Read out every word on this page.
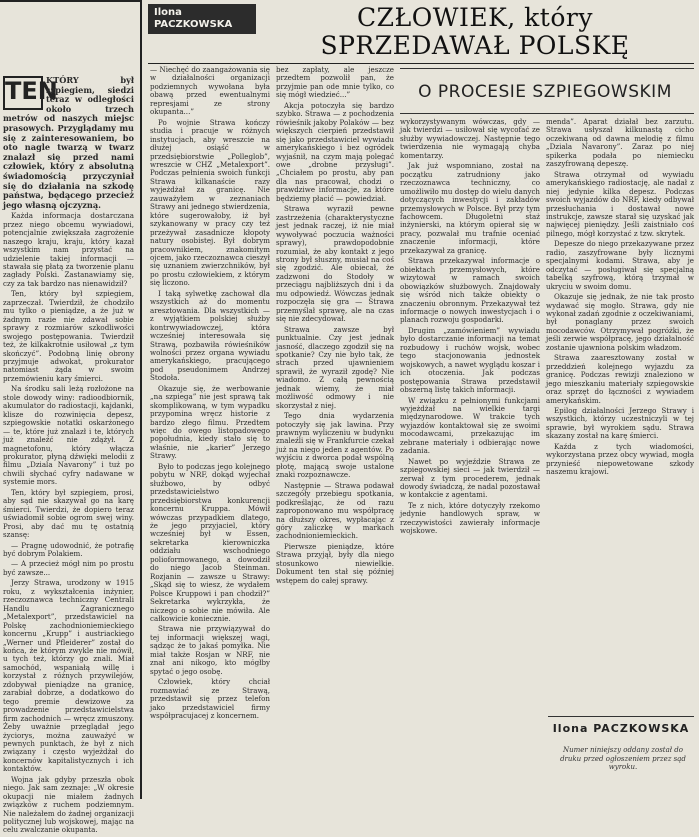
Ilona
PACZKOWSKA	CZŁOWIEK, który
SPRZEDAWAŁ POLSKĘ
TEN

KTÓRY był szpiegiem, siedzi teraz w odległości około trzech metrów od naszych miejsc prasowych. Przyglądamy mu się z zainteresowaniem, bo oto nagle twarzą w twarz znalazł się przed nami człowiek, który z absolutną świadomością przyczyniał się do działania na szkodę państwa, będącego przecież jego własną ojczyzną.

Każda informacja dostarczana przez niego obcemu wywiadowi, potencjalnie zwiększała zagrożenie naszego kraju, kraju, który kazał wszystkim nam przystać na udzielenie takiej informacji — stawała się płatą za tworzenie planu zagłady Polski. Zastanawiamy się, czy za tak bardzo nas nienawidził?

Ten, który był szpiegiem, zaprzeczał. Twierdził, że chodziło mu tylko o pieniądze, a że już w żadnym razie nie zdawał sobie sprawy z rozmiarów szkodliwości swojego postępowania. Twierdził też, że kilkakrotnie usiłował „z tym skończyć”. Podobną linię obrony przyjmuje adwokat, prokurator natomiast żąda w swoim przemówieniu kary śmierci.

Na środku sali leżą rozłożone na stole dowody winy: radioodbiornik, akumulator do radiostacji, kajdanki, klisze do rozwinięcia depesz, szpiegowskie notatki oskarżonego — te, które już znalazł i te, których już znaleźć nie zdążył. Z magnetofonu, który włącza prokurator, płyną dźwięki melodii z filmu „Dziala Navarony” i tuż po chwili słychać cyfry nadawane w systemie mors.

Ten, który był szpiegiem, prosi, aby sąd nie skazywał go na karę śmierci. Twierdzi, że dopiero teraz uświadomił sobie ogrom swej winy. Prosi, aby dać mu tę ostatnią szansę:

— Pragnę udowodnić, że potrafię być dobrym Polakiem.

— A przecież mógł nim po prostu być zawsze...

Jerzy Strawa, urodzony w 1915 roku, z wykształcenia inżynier, rzeczoznawca techniczny Centrali Handlu Zagranicznego „Metalexport”, przedstawiciel na Polskę zachodnioniemieckiego koncernu „Krupp” i austriackiego „Werner und Pfleiderer” został do końca, że którym zwykle nie mówił, u tych też, którzy go znali. Miał samochód, wspaniałą willę i korzystał z różnych przywilejów, zdobywał pieniądze na granicę, zarabiał dobrze, a dodatkowo do tego premie dewizowe za prowadzenie przedstawicielstwa firm zachodnich — wręcz zmuszony. Żeby uważnie przeglądał jego życiorys, można zauważyć w pewnych punktach, że był z nich związany i często wyjeżdżał do koncernów kapitalistycznych i ich kontaktów.

Wojna jak gdyby przeszła obok niego. Jak sam zeznaje: „W okresie okupacji nie miałem żadnych związków z ruchem podziemnym. Nie należałem do żadnej organizacji politycznej lub wojskowej, mając na celu zwalczanie okupanta.

— Niechęć do zaangażowania się w działalności organizacji podziemnych wywołana była obawą przed ewentualnymi represjami ze strony okupanta...”

Po wojnie Strawa kończy studia i pracuje w różnych instytucjach, aby wreszcie na dłużej osiąść w przedsiębiorstwie „Polleglob”, wreszcie w CHZ „Metalexport”. Podczas pełnienia swoich funkcji Strawa kilkanaście razy wyjeżdżał za granicę. Nie zauważyłem w zeznaniach Strawy ani jednego stwierdzenia, które sugerowałoby, iż był szykanowany w pracy czy też przeżywał zasadnicze kłopoty natury osobistej. Był dobrym pracownikiem, znakomitym ojcem, jako rzeczoznawca cieszył się uznaniem zwierzchników, był po prostu człowiekiem, z którym się liczono.

I taką sylwetkę zachował dla wszystkich aż do momentu aresztowania. Dla wszystkich — z wyjątkiem polskiej służby kontrwywiadowczej, która wcześniej interesowała się Strawą, pozbawiła rówieśników wolności przez organa wywiadu amerykańskiego, pracującego pod pseudonimem Andrzej Stodoła.

Okazuje się, że werbowanie „na szpiega” nie jest sprawą tak skomplikowaną, w tym wypadku przypomina wręcz historie z bardzo złego filmu. Przedtem więc do owego listopadowego popołudnia, kiedy stało się to właśnie, nie „karier” Jerzego Strawy.

Było to podczas jego kolejnego pobytu w NRF, dokąd wyjechał służbowo, by odbyć przedstawicielstwo przedsiębiorstwa konkurencji koncernu Kruppa. Mówił wówczas przypadkiem dlatego, że jego przyjaciel, który wcześniej był w Essen, sekretarka kierowniczka oddziału wschodniego polioformowanego, a dowodził do niego Jacob Steinman. Rozjanin — zawsze u Strawy: „Skąd się to wiesz, że wydałem Polsce Kruppowi i pan chodził?” Sekretarka wykrzykła, że niczego o sobie nie mówiła. Ale całkowicie koniecznie.

Strawa nie przywiązywał do tej informacji większej wagi, sądząc że to jakaś pomyłka. Nie miał także Rosjan w NRF, nie znał ani nikogo, kto mógłby spytać o jego osobę.

Człowiek, który chciał rozmawiać ze Strawą, przedstawił się przez telefon jako przedstawiciel firmy współpracujacej z koncernem.

bez zapłaty, ale jeszcze przedtem pozwolił pan, że przyjmie pan ode mnie tylko, co się mógł wiedzieć...”

Akcja potoczyła się bardzo szybko. Strawa — z pochodzenia rówieśnik jakoby Polaków — bez większych cierpień przedstawił się jako przedstawiciel wywiadu amerykańskiego i bez ogródek wyjaśnił, na czym mają polegać owe „drobne przysługi”. „Chciałem po prostu, aby pan dla nas pracował, chodzi o prawdziwe informacje, za które będziemy płacić — powiedział.

Strawa wyraził pewne zastrzeżenia (charakterystyczne jest jednak raczej, iż nie miał wywoływać poczucia ważności sprawy), prawdopodobnie rozumiał, że aby kontakt z jego strony był słuszny, musiał na coś się zgodzić. Ale obiecał, że zadzwoni do Stodoły w przeciągu najbliższych dni i da mu odpowiedź. Wówczas jednak rozpoczęła się gra — Strawa przemyślał sprawę, ale na czas się nie zdecydował.

Strawa zawsze był punktualnie. Czy jest jednak jasność, dlaczego zgodził się na spotkanie? Czy nie było tak, że strach przed ujawnieniem sprawił, że wyraził zgodę? Nie wiadomo. Z całą pewnością jednak wiemy, że miał możliwość odmowy i nie skorzystał z niej.

Tego dnia wydarzenia potoczyły się jak lawina. Przy prawnym wyliczeniu w budynku znaleźli się w Frankfurcie czekał już na niego jeden z agentów. Po wyjściu z dworca podał wspólną płotę, mającą swoje ustalone znaki rozpoznawcze.

Następnie — Strawa podawał szczegóły przebiegu spotkania, podkreślając, że od razu zaproponowano mu współpracę na dłuższy okres, wypłacając z góry zaliczkę w markach zachodnioniemieckich.

Pierwsze pieniądze, które Strawa przyjął, były dla niego stosunkowo niewielkie. Dokument ten stał się później wstępem do całej sprawy.

O PROCESIE SZPIEGOWSKIM

wykorzystywanym wówczas, gdy — jak twierdzi — usiłował się wycofać ze służby wywiadowczej. Następnie tego twierdzenia nie wymagają chyba komentarzy.

Jak już wspomniano, został na początku zatrudniony jako rzeczoznawca techniczny, co umożliwiło mu dostęp do wielu danych dotyczących inwestycji i zakładów przemysłowych w Polsce. Był przy tym fachowcem. Długoletni staż inżynierski, na którym opierał się w pracy, pozwalał mu trafnie oceniać znaczenie informacji, które przekazywał za granicę.

Strawa przekazywał informacje o obiektach przemysłowych, które wizytował w ramach swoich obowiązków służbowych. Znajdowały się wśród nich także obiekty o znaczeniu obronnym. Przekazywał też informacje o nowych inwestycjach i o planach rozwoju gospodarki.

Drugim „zamówieniem” wywiadu było dostarczanie informacji na temat rozbudowy i ruchów wojsk, wobec tego stacjonowania jednostek wojskowych, a nawet wyglądu koszar i ich otoczenia. Jak podczas postępowania Strawa przedstawił obszerną listę takich informacji.

W związku z pełnionymi funkcjami wyjeżdżał na wielkie targi międzynarodowe. W trakcie tych wyjazdów kontaktował się ze swoimi mocodawcami, przekazując im zebrane materiały i odbierając nowe zadania.

Nawet po wyjeździe Strawa ze szpiegowskiej sieci — jak twierdził — zerwał z tym procederem, jednak dowody świadczą, że nadal pozostawał w kontakcie z agentami.

Te z nich, które dotyczyły rzekomo jedynie handlowych spraw, w rzeczywistości zawierały informacje wojskowe.

menda”. Aparat działał bez zarzutu. Strawa usłyszał kilkunastą cicho oczekiwaną od dawna melodię z filmu „Dziala Navarony”. Zaraz po niej spikerka podała po niemiecku zaszyfrowaną depeszę.

Strawa otrzymał od wywiadu amerykańskiego radiostację, ale nadał z niej jedynie kilka depesz. Podczas swoich wyjazdów do NRF, kiedy odbywał przesłuchania i dostawał nowe instrukcje, zawsze starał się uzyskać jak najwięcej pieniędzy. Jeśli zaistniało coś pilnego, mógł korzystać z tzw. skrytek.

Depesze do niego przekazywane przez radio, zaszyfrowane były licznymi specjalnymi kodami. Strawa, aby je odczytać — posługiwał się specjalną tabelką szyfrową, którą trzymał w ukryciu w swoim domu.

Okazuje się jednak, że nie tak prosto wydawać się mogło. Strawa, gdy nie wykonał zadań zgodnie z oczekiwaniami, był ponaglany przez swoich mocodawców. Otrzymywał pogróżki, że jeśli zerwie współpracę, jego działalność zostanie ujawniona polskim władzom.

Strawa zaaresztowany został w przeddzień kolejnego wyjazdu za granicę. Podczas rewizji znaleziono w jego mieszkaniu materiały szpiegowskie oraz sprzęt do łączności z wywiadem amerykańskim.

Epilog działalności Jerzego Strawy i wszystkich, którzy uczestniczyli w tej sprawie, był wyrokiem sądu. Strawa skazany został na karę śmierci.

Kaźda z tych wiadomości, wykorzystana przez obcy wywiad, mogła przynieść niepowetowane szkody naszemu krajowi.

Ilona PACZKOWSKA
Numer niniejszy oddany został do druku przed ogłoszeniem przez sąd wyroku.
